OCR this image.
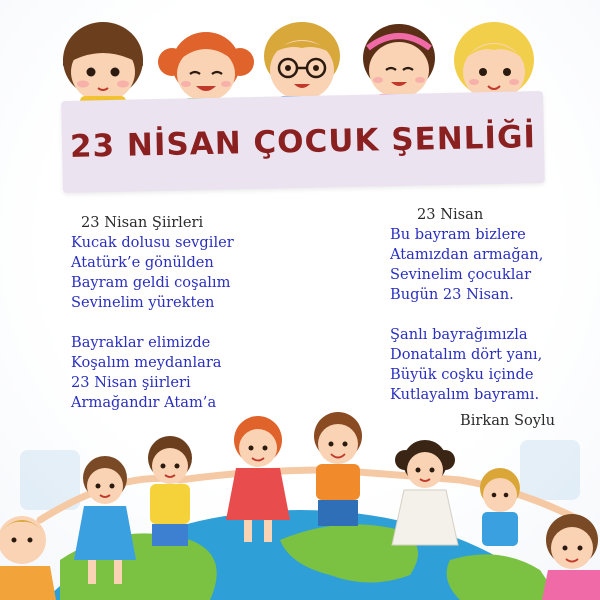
23 NİSAN ÇOCUK ŞENLİĞİ
23 Nisan Şiirleri
Kucak dolusu sevgiler
Atatürk’e gönülden
Bayram geldi coşalım
Sevinelim yürekten
Bayraklar elimizde
Koşalım meydanlara
23 Nisan şiirleri
Armağandır Atam’a
23 Nisan
Bu bayram bizlere
Atamızdan armağan,
Sevinelim çocuklar
Bugün 23 Nisan.
Şanlı bayrağımızla
Donatalım dört yanı,
Büyük coşku içinde
Kutlayalım bayramı.
Birkan Soylu
